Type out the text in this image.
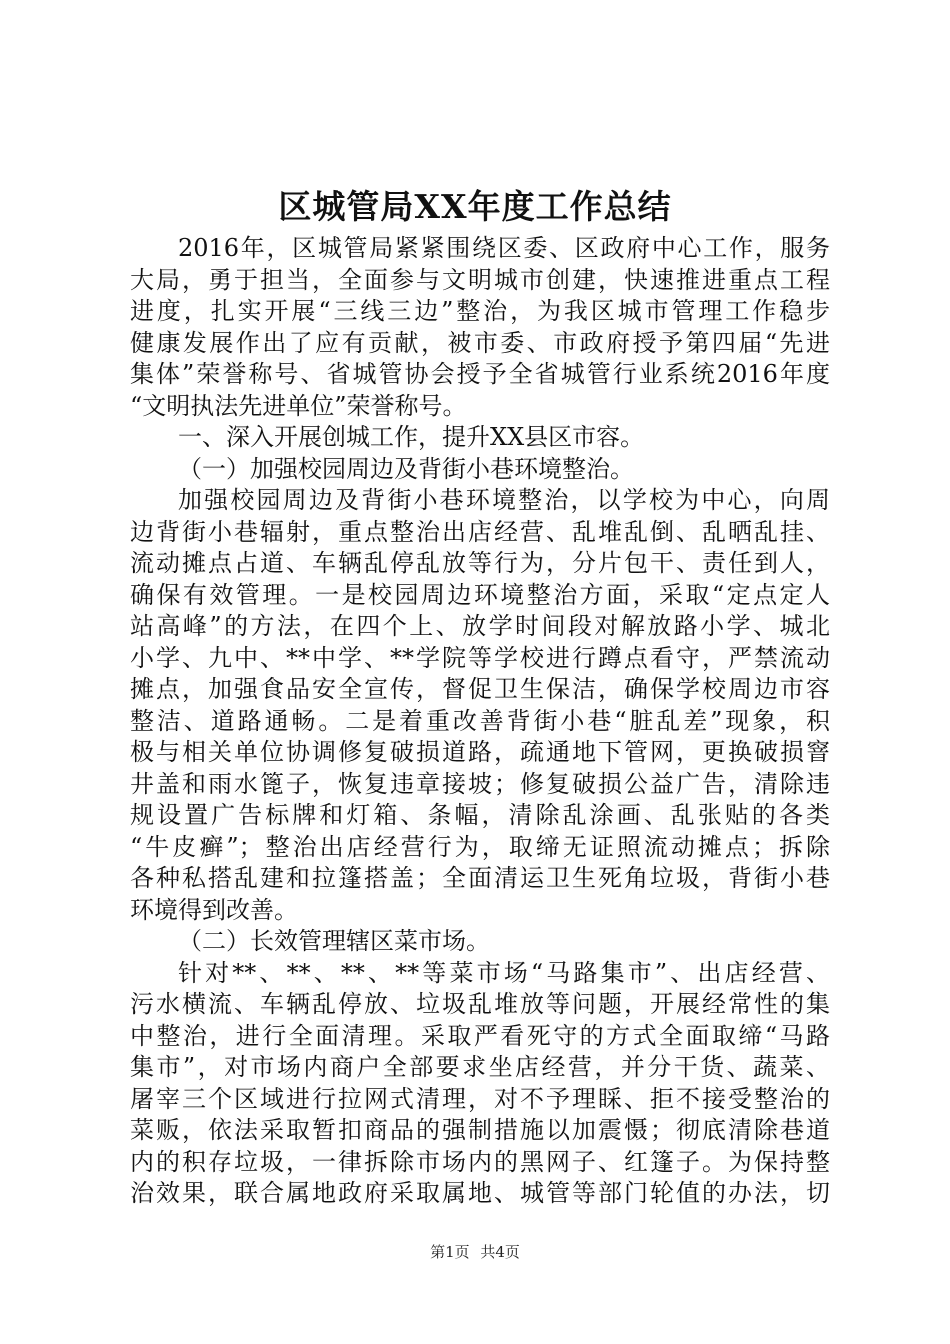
区城管局XX年度工作总结
2016年，区城管局紧紧围绕区委、区政府中心工作，服务
大局，勇于担当，全面参与文明城市创建，快速推进重点工程
进度，扎实开展“三线三边”整治，为我区城市管理工作稳步
健康发展作出了应有贡献，被市委、市政府授予第四届“先进
集体”荣誉称号、省城管协会授予全省城管行业系统2016年度
“文明执法先进单位”荣誉称号。
一、深入开展创城工作，提升XX县区市容。
（一）加强校园周边及背街小巷环境整治。
加强校园周边及背街小巷环境整治，以学校为中心，向周
边背街小巷辐射，重点整治出店经营、乱堆乱倒、乱晒乱挂、
流动摊点占道、车辆乱停乱放等行为，分片包干、责任到人，
确保有效管理。一是校园周边环境整治方面，采取“定点定人
站高峰”的方法，在四个上、放学时间段对解放路小学、城北
小学、九中、**中学、**学院等学校进行蹲点看守，严禁流动
摊点，加强食品安全宣传，督促卫生保洁，确保学校周边市容
整洁、道路通畅。二是着重改善背街小巷“脏乱差”现象，积
极与相关单位协调修复破损道路，疏通地下管网，更换破损窨
井盖和雨水篦子，恢复违章接坡；修复破损公益广告，清除违
规设置广告标牌和灯箱、条幅，清除乱涂画、乱张贴的各类
“牛皮癣”；整治出店经营行为，取缔无证照流动摊点；拆除
各种私搭乱建和拉篷搭盖；全面清运卫生死角垃圾，背街小巷
环境得到改善。
（二）长效管理辖区菜市场。
针对**、**、**、**等菜市场“马路集市”、出店经营、
污水横流、车辆乱停放、垃圾乱堆放等问题，开展经常性的集
中整治，进行全面清理。采取严看死守的方式全面取缔“马路
集市”，对市场内商户全部要求坐店经营，并分干货、蔬菜、
屠宰三个区域进行拉网式清理，对不予理睬、拒不接受整治的
菜贩，依法采取暂扣商品的强制措施以加震慑；彻底清除巷道
内的积存垃圾，一律拆除市场内的黑网子、红篷子。为保持整
治效果，联合属地政府采取属地、城管等部门轮值的办法，切
第1页 共4页
